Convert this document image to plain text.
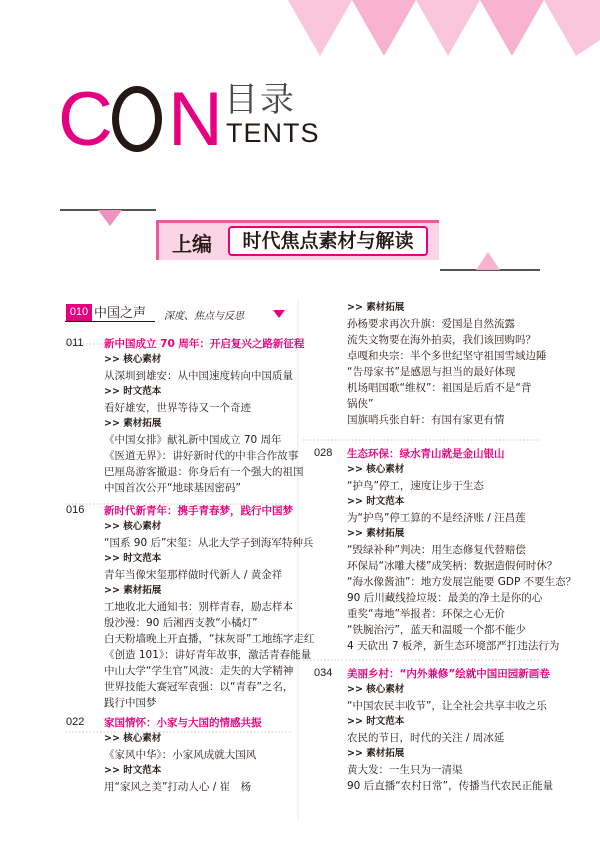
C N 目录
TENTS
上编	时代焦点素材与解读
010 中国之声 深度、焦点与反思
011 新中国成立 70 周年：开启复兴之路新征程
>> 核心素材
从深圳到雄安：从中国速度转向中国质量
>> 时文范本
看好雄安，世界等待又一个奇迹
>> 素材拓展
《中国女排》献礼新中国成立 70 周年
《医道无界》：讲好新时代的中非合作故事
巴厘岛游客撤退：你身后有一个强大的祖国
中国首次公开“地球基因密码”
016 新时代新青年：携手青春梦，践行中国梦
>> 核心素材
“国系 90 后”宋玺：从北大学子到海军特种兵
>> 时文范本
青年当像宋玺那样做时代新人 / 黄金祥
>> 素材拓展
工地收北大通知书：别样青春，励志样本
殷沙漫：90 后湘西支教“小橘灯”
白天粉墙晚上开直播，“抹灰哥”工地练字走红
《创造 101》：讲好青年故事，激活青春能量
中山大学“学生官”风波：走失的大学精神
世界技能大赛冠军袁强：以“青春”之名，
践行中国梦
022 家国情怀：小家与大国的情感共振
>> 核心素材
《家风中华》：小家风成就大国风
>> 时文范本
用“家风之美”打动人心 / 崔　杨
>> 素材拓展
孙杨要求再次升旗：爱国是自然流露
流失文物要在海外拍卖，我们该回购吗？
卓嘎和央宗：半个多世纪坚守祖国雪域边陲
“告母家书”是感恩与担当的最好体现
机场唱国歌“维权”：祖国是后盾不是“背
锅侠”
国旗哨兵张自轩：有国有家更有情
028 生态环保：绿水青山就是金山银山
>> 核心素材
“护鸟”停工，速度让步于生态
>> 时文范本
为“护鸟”停工算的不是经济账 / 汪昌莲
>> 素材拓展
“毁绿补种”判决：用生态修复代替赔偿
环保局“冰雕大楼”成笑柄：数据造假何时休？
“海水像酱油”：地方发展岂能要 GDP 不要生态？
90 后川藏线捡垃圾：最美的净土是你的心
重奖“毒地”举报者：环保之心无价
“铁腕治污”，蓝天和温暖一个都不能少
4 天砍出 7 板斧，新生态环境部严打违法行为
034 美丽乡村：“内外兼修”绘就中国田园新画卷
>> 核心素材
“中国农民丰收节”，让全社会共享丰收之乐
>> 时文范本
农民的节日，时代的关注 / 周冰延
>> 素材拓展
黄大发：一生只为一清渠
90 后直播“农村日常”，传播当代农民正能量
